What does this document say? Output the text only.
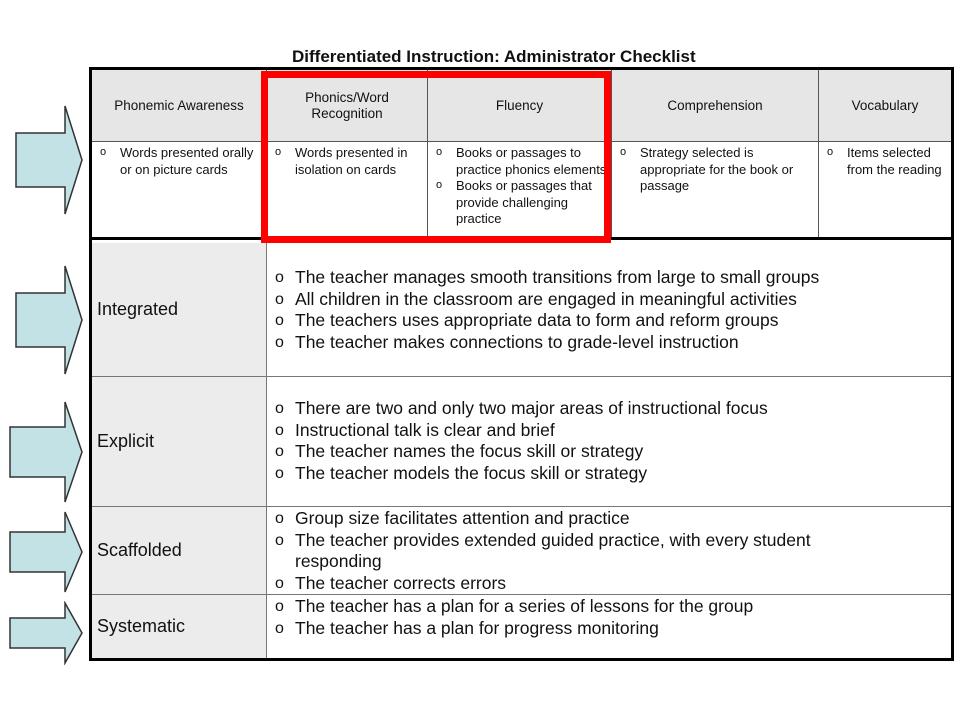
Differentiated Instruction: Administrator Checklist
Phonemic Awareness
Phonics/Word Recognition
Fluency	Comprehension	Vocabulary
o Words presented orally or on picture cards
o Words presented in isolation on cards
o Books or passages to practice phonics elements
o Books or passages that provide challenging practice
o Strategy selected is appropriate for the book or passage
o Items selected from the reading
Integrated
o The teacher manages smooth transitions from large to small groups
o All children in the classroom are engaged in meaningful activities
o The teachers uses appropriate data to form and reform groups
o The teacher makes connections to grade-level instruction
Explicit
o There are two and only two major areas of instructional focus
o Instructional talk is clear and brief
o The teacher names the focus skill or strategy
o The teacher models the focus skill or strategy
Scaffolded
o Group size facilitates attention and practice
o The teacher provides extended guided practice, with every student responding
o The teacher corrects errors
Systematic
o The teacher has a plan for a series of lessons for the group
o The teacher has a plan for progress monitoring
